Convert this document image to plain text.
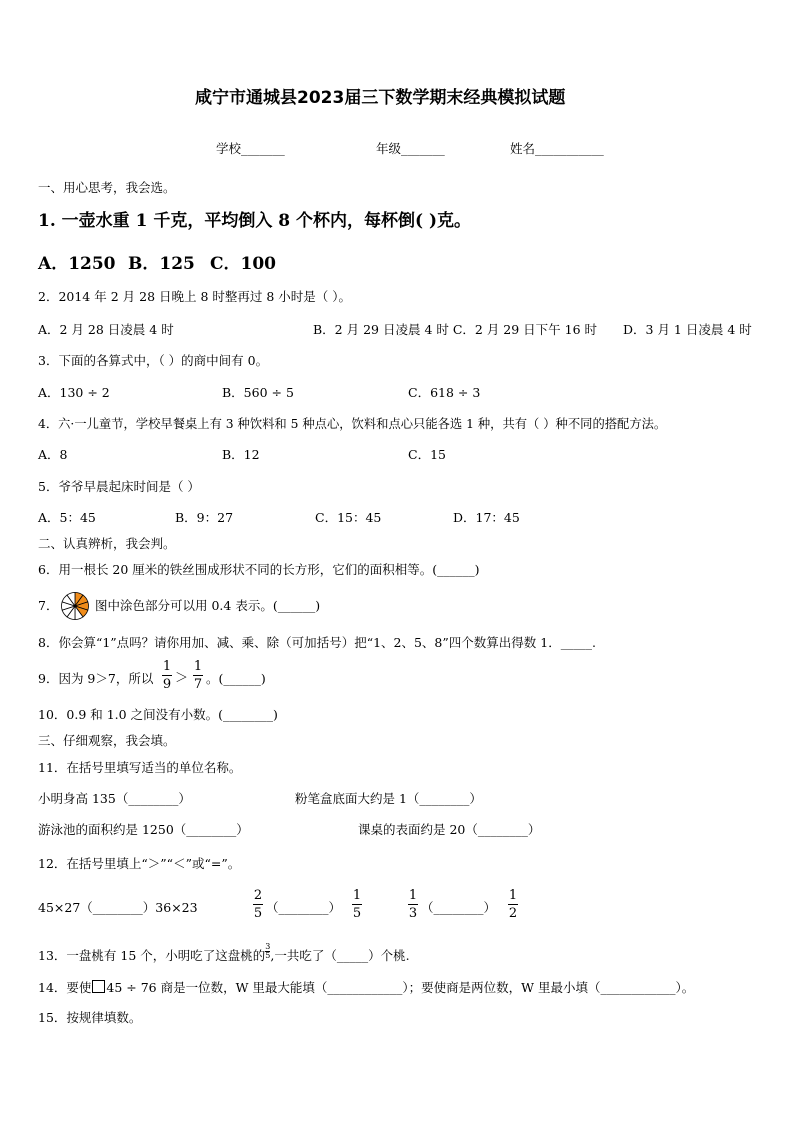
咸宁市通城县2023届三下数学期末经典模拟试题
学校_______	年级_______	姓名___________
一、用心思考，我会选。
1. 一壶水重 1 千克，平均倒入 8 个杯内，每杯倒( )克。
A．1250 B．125 C．100
2．2014 年 2 月 28 日晚上 8 时整再过 8 小时是（ ）。
A．2 月 28 日凌晨 4 时	B．2 月 29 日凌晨 4 时 C．2 月 29 日下午 16 时 D．3 月 1 日凌晨 4 时
3．下面的各算式中，（ ）的商中间有 0。
A．130 ÷ 2	B．560 ÷ 5	C．618 ÷ 3
4．六·一儿童节，学校早餐桌上有 3 种饮料和 5 种点心，饮料和点心只能各选 1 种，共有（ ）种不同的搭配方法。
A．8	B．12	C．15
5．爷爷早晨起床时间是（ ）
A．5：45	B．9：27	C．15：45	D．17：45
二、认真辨析，我会判。
6．用一根长 20 厘米的铁丝围成形状不同的长方形，它们的面积相等。(______)
7．	图中涂色部分可以用 0.4 表示。(______)
8．你会算“1”点吗？请你用加、减、乘、除（可加括号）把“1、2、5、8”四个数算出得数 1．_____.
9．因为 9＞7，所以
1
9 ＞
1
7 。(______)
10．0.9 和 1.0 之间没有小数。(________)
三、仔细观察，我会填。
11．在括号里填写适当的单位名称。
小明身高 135（________）	粉笔盒底面大约是 1（________）
游泳池的面积约是 1250（________）	课桌的表面约是 20（________）
12．在括号里填上“＞”“＜”或“=”。
45×27（________）36×23
2
5 （________）
1
5
1
3 （________）
1
2
13．一盘桃有 15 个，小明吃了这盘桃的$\frac{3}{5}$,一共吃了（_____）个桃.
14．要使 45 ÷ 76 商是一位数，W 里最大能填（____________）；要使商是两位数，W 里最小填（____________）。
15．按规律填数。
